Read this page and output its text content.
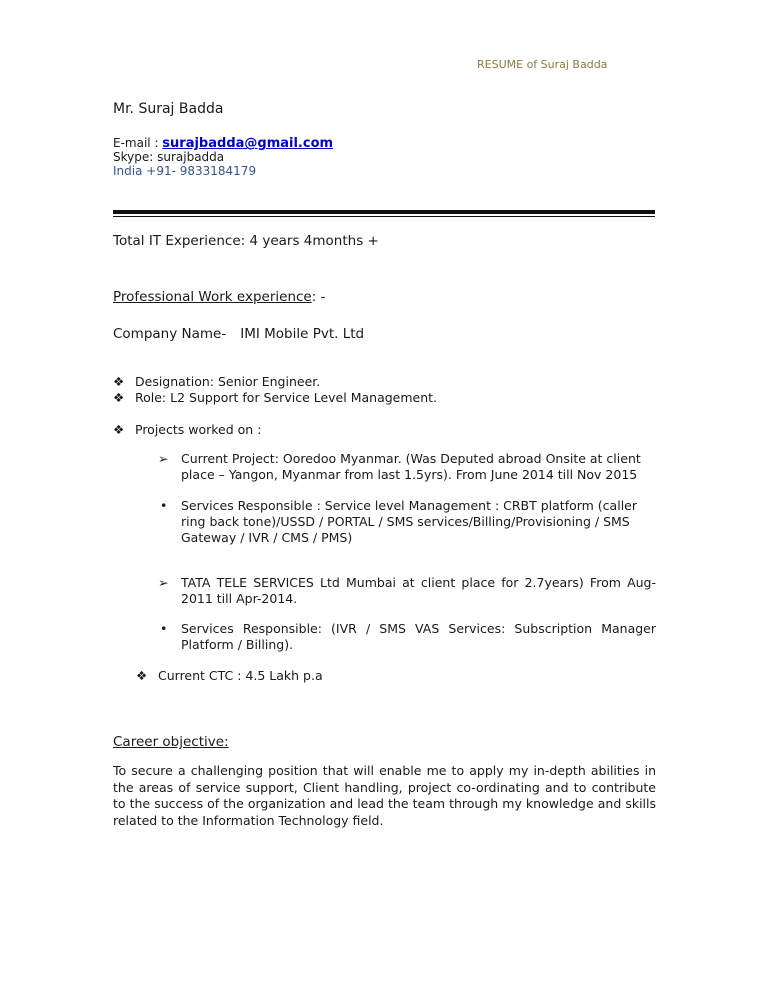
RESUME of Suraj Badda
Mr. Suraj Badda
E-mail : surajbadda@gmail.com
Skype: surajbadda
India +91- 9833184179
Total IT Experience: 4 years 4months +
Professional Work experience: -
Company Name- IMI Mobile Pvt. Ltd
❖ Designation: Senior Engineer.
❖ Role: L2 Support for Service Level Management.
❖ Projects worked on :
➢ Current Project: Ooredoo Myanmar. (Was Deputed abroad Onsite at client place – Yangon, Myanmar from last 1.5yrs). From June 2014 till Nov 2015
• Services Responsible : Service level Management : CRBT platform (caller ring back tone)/USSD / PORTAL / SMS services/Billing/Provisioning / SMS Gateway / IVR / CMS / PMS)
➢ TATA TELE SERVICES Ltd Mumbai at client place for 2.7years) From Aug-2011 till Apr-2014.
• Services Responsible: (IVR / SMS VAS Services: Subscription Manager Platform / Billing).
❖ Current CTC : 4.5 Lakh p.a
Career objective:
To secure a challenging position that will enable me to apply my in-depth abilities in the areas of service support, Client handling, project co-ordinating and to contribute to the success of the organization and lead the team through my knowledge and skills related to the Information Technology field.
